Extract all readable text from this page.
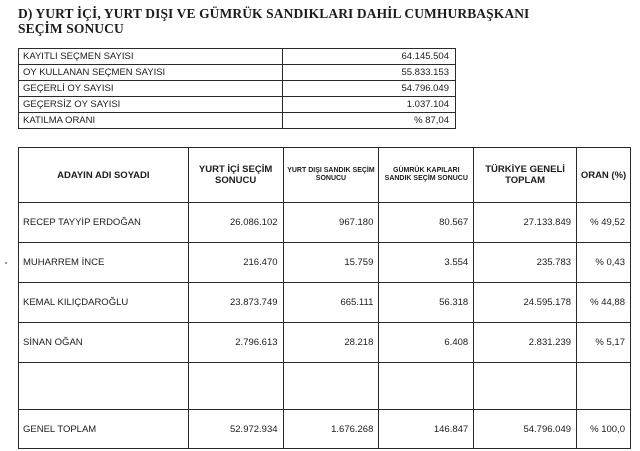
D) YURT İÇİ, YURT DIŞI VE GÜMRÜK SANDIKLARI DAHİL CUMHURBAŞKANI
SEÇİM SONUCU
KAYITLI SEÇMEN SAYISI	64.145.504
OY KULLANAN SEÇMEN SAYISI	55.833.153
GEÇERLİ OY SAYISI	54.796.049
GEÇERSİZ OY SAYISI	1.037.104
KATILMA ORANI	% 87,04
ADAYIN ADI SOYADI	YURT İÇİ SEÇİM SONUCU	YURT DIŞI SANDIK SEÇİM SONUCU	GÜMRÜK KAPILARI SANDIK SEÇİM SONUCU	TÜRKİYE GENELİ TOPLAM	ORAN (%)
RECEP TAYYİP ERDOĞAN	26.086.102	967.180	80.567	27.133.849	% 49,52
MUHARREM İNCE	216.470	15.759	3.554	235.783	% 0,43
KEMAL KILIÇDAROĞLU	23.873.749	665.111	56.318	24.595.178	% 44,88
SİNAN OĞAN	2.796.613	28.218	6.408	2.831.239	% 5,17

GENEL TOPLAM	52.972.934	1.676.268	146.847	54.796.049	% 100,0
